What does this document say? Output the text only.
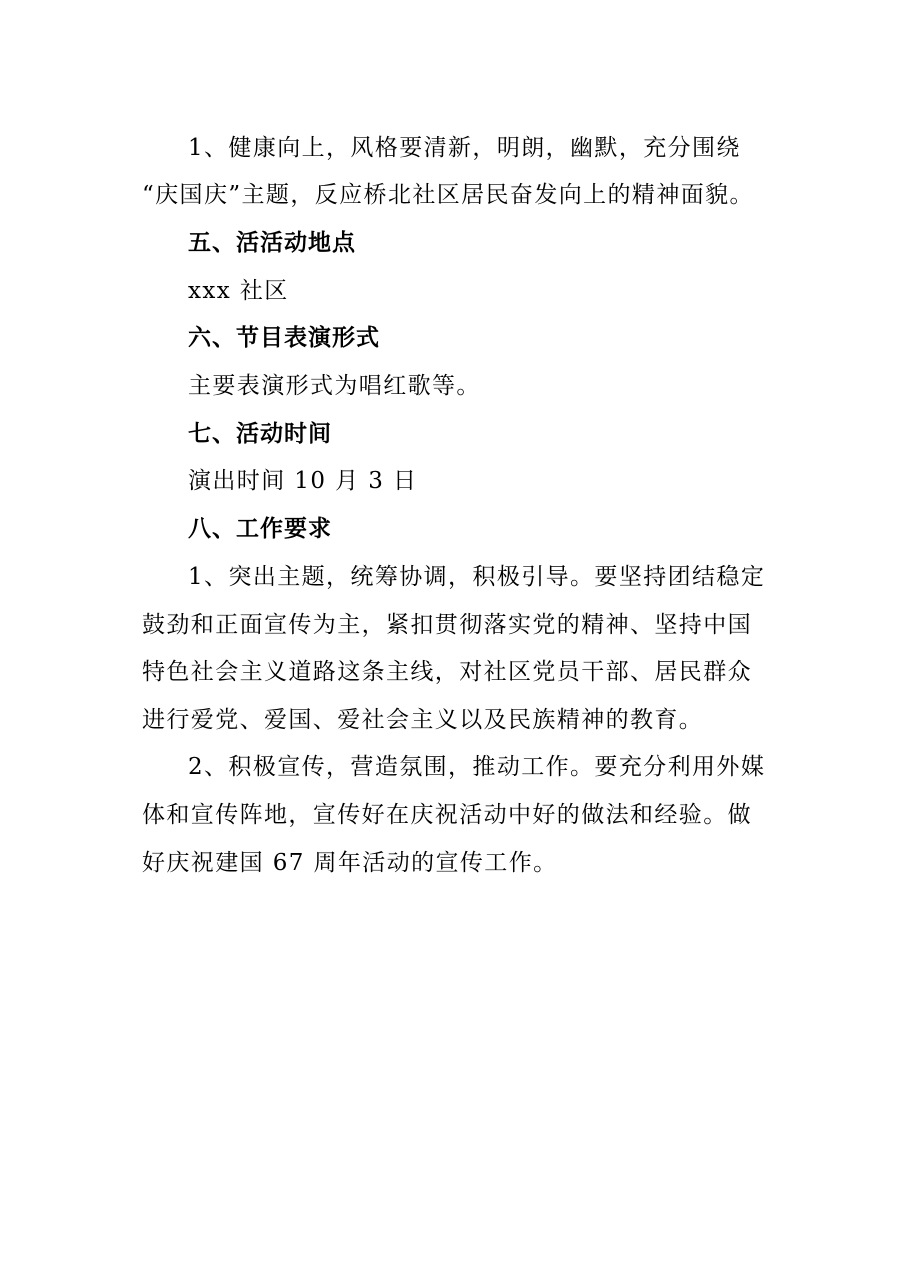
1、健康向上，风格要清新，明朗，幽默，充分围绕
“庆国庆”主题，反应桥北社区居民奋发向上的精神面貌。
五、活活动地点
xxx 社区
六、节目表演形式
主要表演形式为唱红歌等。
七、活动时间
演出时间 10 月 3 日
八、工作要求
1、突出主题，统筹协调，积极引导。要坚持团结稳定
鼓劲和正面宣传为主，紧扣贯彻落实党的精神、坚持中国
特色社会主义道路这条主线，对社区党员干部、居民群众
进行爱党、爱国、爱社会主义以及民族精神的教育。
2、积极宣传，营造氛围，推动工作。要充分利用外媒
体和宣传阵地，宣传好在庆祝活动中好的做法和经验。做
好庆祝建国 67 周年活动的宣传工作。
